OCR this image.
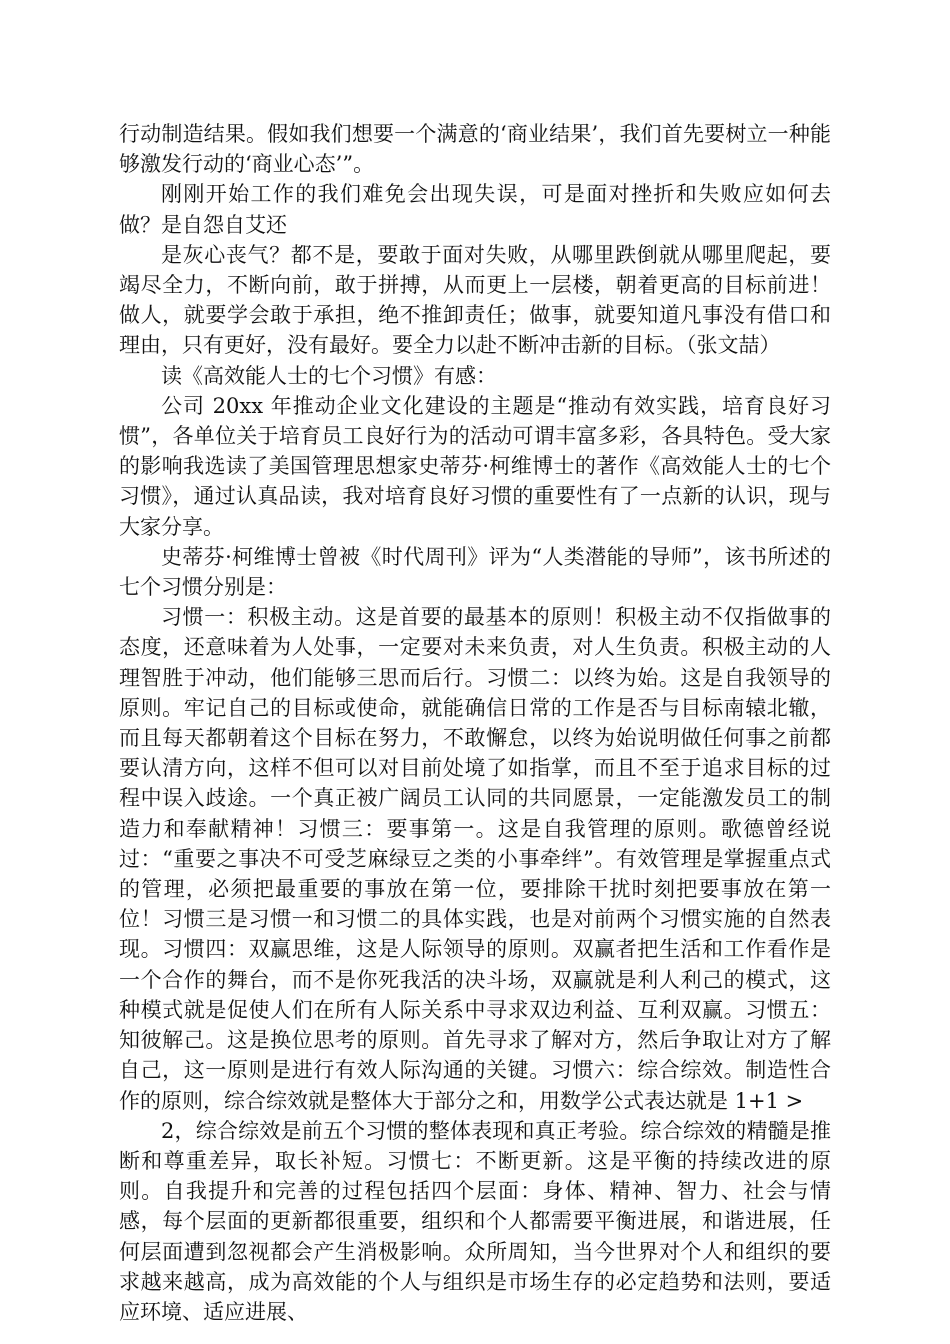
行动制造结果。假如我们想要一个满意的‘商业结果’，我们首先要树立一种能够激发行动的‘商业心态’”。

刚刚开始工作的我们难免会出现失误，可是面对挫折和失败应如何去做？是自怨自艾还

是灰心丧气？都不是，要敢于面对失败，从哪里跌倒就从哪里爬起，要竭尽全力，不断向前，敢于拼搏，从而更上一层楼，朝着更高的目标前进！做人，就要学会敢于承担，绝不推卸责任；做事，就要知道凡事没有借口和理由，只有更好，没有最好。要全力以赴不断冲击新的目标。（张文喆）

读《高效能人士的七个习惯》有感：

公司 20xx 年推动企业文化建设的主题是“推动有效实践，培育良好习惯”，各单位关于培育员工良好行为的活动可谓丰富多彩，各具特色。受大家的影响我选读了美国管理思想家史蒂芬·柯维博士的著作《高效能人士的七个习惯》，通过认真品读，我对培育良好习惯的重要性有了一点新的认识，现与大家分享。

史蒂芬·柯维博士曾被《时代周刊》评为“人类潜能的导师”，该书所述的七个习惯分别是：

习惯一：积极主动。这是首要的最基本的原则！积极主动不仅指做事的态度，还意味着为人处事，一定要对未来负责，对人生负责。积极主动的人理智胜于冲动，他们能够三思而后行。习惯二：以终为始。这是自我领导的原则。牢记自己的目标或使命，就能确信日常的工作是否与目标南辕北辙，而且每天都朝着这个目标在努力，不敢懈怠，以终为始说明做任何事之前都要认清方向，这样不但可以对目前处境了如指掌，而且不至于追求目标的过程中误入歧途。一个真正被广阔员工认同的共同愿景，一定能激发员工的制造力和奉献精神！习惯三：要事第一。这是自我管理的原则。歌德曾经说过：“重要之事决不可受芝麻绿豆之类的小事牵绊”。有效管理是掌握重点式的管理，必须把最重要的事放在第一位，要排除干扰时刻把要事放在第一位！习惯三是习惯一和习惯二的具体实践，也是对前两个习惯实施的自然表现。习惯四：双赢思维，这是人际领导的原则。双赢者把生活和工作看作是一个合作的舞台，而不是你死我活的决斗场，双赢就是利人利己的模式，这种模式就是促使人们在所有人际关系中寻求双边利益、互利双赢。习惯五：知彼解己。这是换位思考的原则。首先寻求了解对方，然后争取让对方了解自己，这一原则是进行有效人际沟通的关键。习惯六：综合综效。制造性合作的原则，综合综效就是整体大于部分之和，用数学公式表达就是 1+1 >

2，综合综效是前五个习惯的整体表现和真正考验。综合综效的精髓是推断和尊重差异，取长补短。习惯七：不断更新。这是平衡的持续改进的原则。自我提升和完善的过程包括四个层面：身体、精神、智力、社会与情感，每个层面的更新都很重要，组织和个人都需要平衡进展，和谐进展，任何层面遭到忽视都会产生消极影响。众所周知，当今世界对个人和组织的要求越来越高，成为高效能的个人与组织是市场生存的必定趋势和法则，要适应环境、适应进展、
